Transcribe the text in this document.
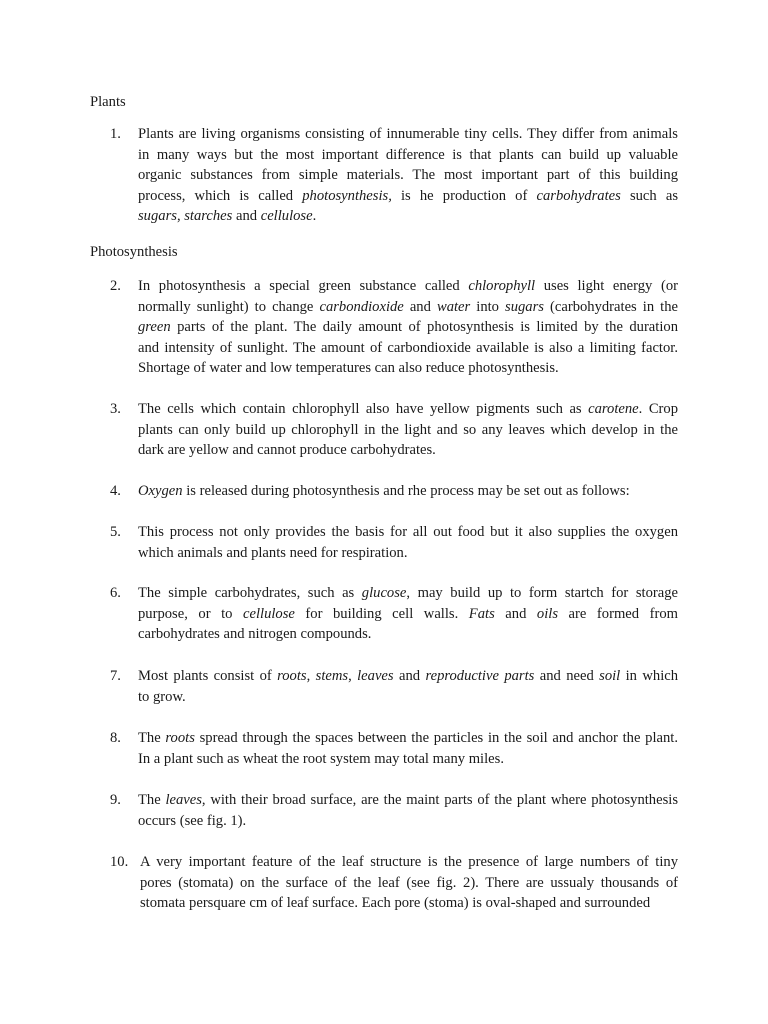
Plants
1.	Plants are living organisms consisting of innumerable tiny cells. They differ from animals
in many ways but the most important difference is that plants can build up valuable
organic substances from simple materials. The most important part of this building
process, which is called photosynthesis, is he production of carbohydrates such as
sugars, starches and cellulose.
Photosynthesis
2.	In photosynthesis a special green substance called chlorophyll uses light energy (or
normally sunlight) to change carbondioxide and water into sugars (carbohydrates in the
green parts of the plant. The daily amount of photosynthesis is limited by the duration
and intensity of sunlight. The amount of carbondioxide available is also a limiting factor.
Shortage of water and low temperatures can also reduce photosynthesis.
3.	The cells which contain chlorophyll also have yellow pigments such as carotene. Crop
plants can only build up chlorophyll in the light and so any leaves which develop in the
dark are yellow and cannot produce carbohydrates.
4.	Oxygen is released during photosynthesis and rhe process may be set out as follows:
5.	This process not only provides the basis for all out food but it also supplies the oxygen
which animals and plants need for respiration.
6.	The simple carbohydrates, such as glucose, may build up to form startch for storage
purpose, or to cellulose for building cell walls. Fats and oils are formed from
carbohydrates and nitrogen compounds.
7.	Most plants consist of roots, stems, leaves and reproductive parts and need soil in which
to grow.
8.	The roots spread through the spaces between the particles in the soil and anchor the plant.
In a plant such as wheat the root system may total many miles.
9.	The leaves, with their broad surface, are the maint parts of the plant where photosynthesis
occurs (see fig. 1).
10. A very important feature of the leaf structure is the presence of large numbers of tiny
pores (stomata) on the surface of the leaf (see fig. 2). There are ussualy thousands of
stomata persquare cm of leaf surface. Each pore (stoma) is oval-shaped and surrounded
